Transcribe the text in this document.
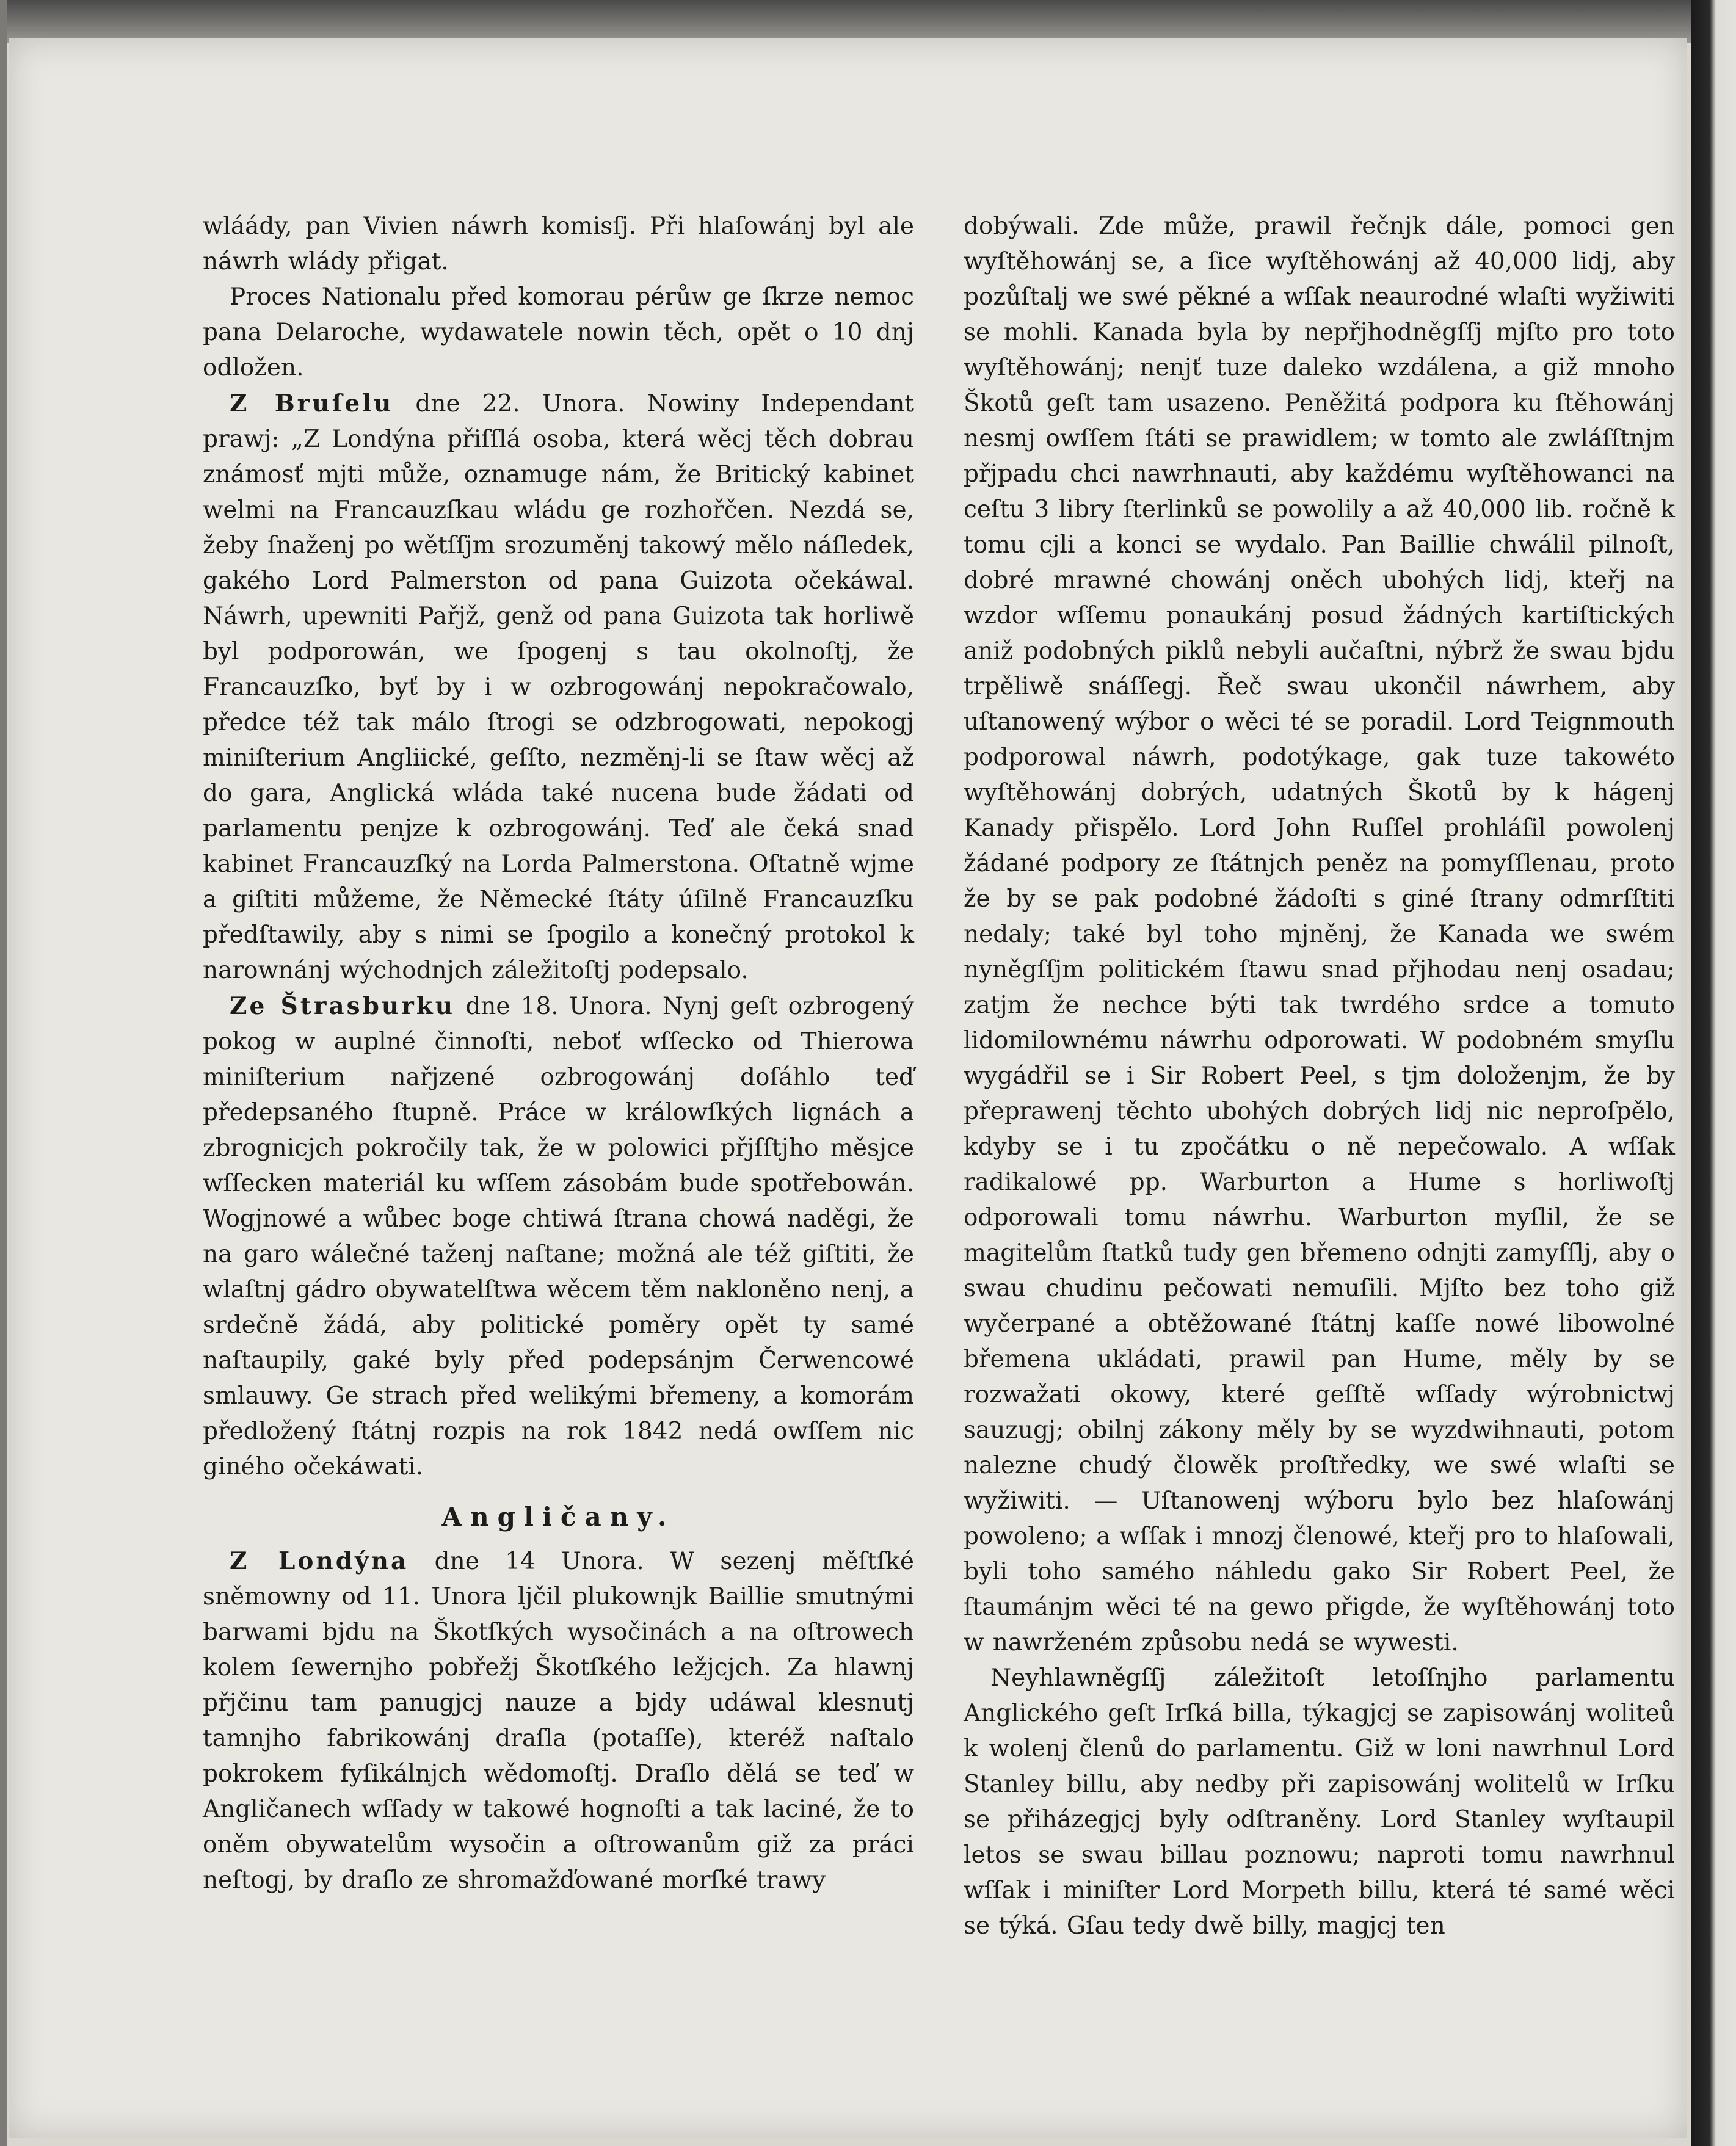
wláády, pan Vivien náwrh komisſj. Při hlaſowánj byl ale náwrh wlády přigat.

Proces Nationalu před komorau pérůw ge ſkrze nemoc pana Delaroche, wydawatele nowin těch, opět o 10 dnj odložen.

Z Bruſelu dne 22. Unora. Nowiny Independant prawj: „Z Londýna přiſſlá osoba, která wěcj těch dobrau známosť mjti může, oznamuge nám, že Britický kabinet welmi na Francauzſkau wládu ge rozhořčen. Nezdá se, žeby ſnaženj po wětſſjm srozuměnj takowý mělo náſledek, gakého Lord Palmerston od pana Guizota očekáwal. Náwrh, upewniti Pařjž, genž od pana Guizota tak horliwě byl podporowán, we ſpogenj s tau okolnoſtj, že Francauzſko, byť by i w ozbrogowánj nepokračowalo, předce též tak málo ſtrogi se odzbrogowati, nepokogj miniſterium Angliické, geſſto, nezměnj-li se ſtaw wěcj až do gara, Anglická wláda také nucena bude žádati od parlamentu penjze k ozbrogowánj. Teď ale čeká snad kabinet Francauzſký na Lorda Palmerstona. Oſtatně wjme a giſtiti můžeme, že Německé ſtáty úſilně Francauzſku předſtawily, aby s nimi se ſpogilo a konečný protokol k narownánj wýchodnjch záležitoſtj podepsalo.

Ze Štrasburku dne 18. Unora. Nynj geſt ozbrogený pokog w auplné činnoſti, neboť wſſecko od Thierowa miniſterium nařjzené ozbrogowánj doſáhlo teď předepsaného ſtupně. Práce w králowſkých lignách a zbrognicjch pokročily tak, že w polowici přjſſtjho měsjce wſſecken materiál ku wſſem zásobám bude spotřebowán. Wogjnowé a wůbec boge chtiwá ſtrana chowá naděgi, že na garo wálečné taženj naſtane; možná ale též giſtiti, že wlaſtnj gádro obywatelſtwa wěcem těm nakloněno nenj, a srdečně žádá, aby politické poměry opět ty samé naſtaupily, gaké byly před podepsánjm Čerwencowé smlauwy. Ge strach před welikými břemeny, a komorám předložený ſtátnj rozpis na rok 1842 nedá owſſem nic giného očekáwati.

Angličany.

Z Londýna dne 14 Unora. W sezenj měſtſké sněmowny od 11. Unora ljčil plukownjk Baillie smutnými barwami bjdu na Škotſkých wysočinách a na oſtrowech kolem ſewernjho pobřežj Škotſkého ležjcjch. Za hlawnj přjčinu tam panugjcj nauze a bjdy udáwal klesnutj tamnjho fabrikowánj draſla (potaſſe), kteréž naſtalo pokrokem fyſikálnjch wědomoſtj. Draſlo dělá se teď w Angličanech wſſady w takowé hognoſti a tak laciné, že to oněm obywatelům wysočin a oſtrowanům giž za práci neſtogj, by draſlo ze shromažďowané morſké trawy

dobýwali. Zde může, prawil řečnjk dále, pomoci gen wyſtěhowánj se, a ſice wyſtěhowánj až 40,000 lidj, aby pozůſtalj we swé pěkné a wſſak neaurodné wlaſti wyžiwiti se mohli. Kanada byla by nepřjhodněgſſj mjſto pro toto wyſtěhowánj; nenjť tuze daleko wzdálena, a giž mnoho Škotů geſt tam usazeno. Peněžitá podpora ku ſtěhowánj nesmj owſſem ſtáti se prawidlem; w tomto ale zwláſſtnjm přjpadu chci nawrhnauti, aby každému wyſtěhowanci na ceſtu 3 libry ſterlinků se powolily a až 40,000 lib. ročně k tomu cjli a konci se wydalo. Pan Baillie chwálil pilnoſt, dobré mrawné chowánj oněch ubohých lidj, kteřj na wzdor wſſemu ponaukánj posud žádných kartiſtických aniž podobných piklů nebyli aučaſtni, nýbrž že swau bjdu trpěliwě snáſſegj. Řeč swau ukončil náwrhem, aby uſtanowený wýbor o wěci té se poradil. Lord Teignmouth podporowal náwrh, podotýkage, gak tuze takowéto wyſtěhowánj dobrých, udatných Škotů by k hágenj Kanady přispělo. Lord John Ruſſel prohláſil powolenj žádané podpory ze ſtátnjch peněz na pomyſſlenau, proto že by se pak podobné žádoſti s giné ſtrany odmrſſtiti nedaly; také byl toho mjněnj, že Kanada we swém nyněgſſjm politickém ſtawu snad přjhodau nenj osadau; zatjm že nechce býti tak twrdého srdce a tomuto lidomilownému náwrhu odporowati. W podobném smyſlu wygádřil se i Sir Robert Peel, s tjm doloženjm, že by přeprawenj těchto ubohých dobrých lidj nic neproſpělo, kdyby se i tu zpočátku o ně nepečowalo. A wſſak radikalowé pp. Warburton a Hume s horliwoſtj odporowali tomu náwrhu. Warburton myſlil, že se magitelům ſtatků tudy gen břemeno odnjti zamyſſlj, aby o swau chudinu pečowati nemuſili. Mjſto bez toho giž wyčerpané a obtěžowané ſtátnj kaſſe nowé libowolné břemena ukládati, prawil pan Hume, měly by se rozwažati okowy, které geſſtě wſſady wýrobnictwj sauzugj; obilnj zákony měly by se wyzdwihnauti, potom nalezne chudý člowěk proſtředky, we swé wlaſti se wyžiwiti. — Uſtanowenj wýboru bylo bez hlaſowánj powoleno; a wſſak i mnozj členowé, kteřj pro to hlaſowali, byli toho samého náhledu gako Sir Robert Peel, že ſtaumánjm wěci té na gewo přigde, že wyſtěhowánj toto w nawrženém způsobu nedá se wywesti.

Neyhlawněgſſj záležitoſt letoſſnjho parlamentu Anglického geſt Irſká billa, týkagjcj se zapisowánj woliteů k wolenj členů do parlamentu. Giž w loni nawrhnul Lord Stanley billu, aby nedby při zapisowánj wolitelů w Irſku se přiházegjcj byly odſtraněny. Lord Stanley wyſtaupil letos se swau billau poznowu; naproti tomu nawrhnul wſſak i miniſter Lord Morpeth billu, která té samé wěci se týká. Gſau tedy dwě billy, magjcj ten
